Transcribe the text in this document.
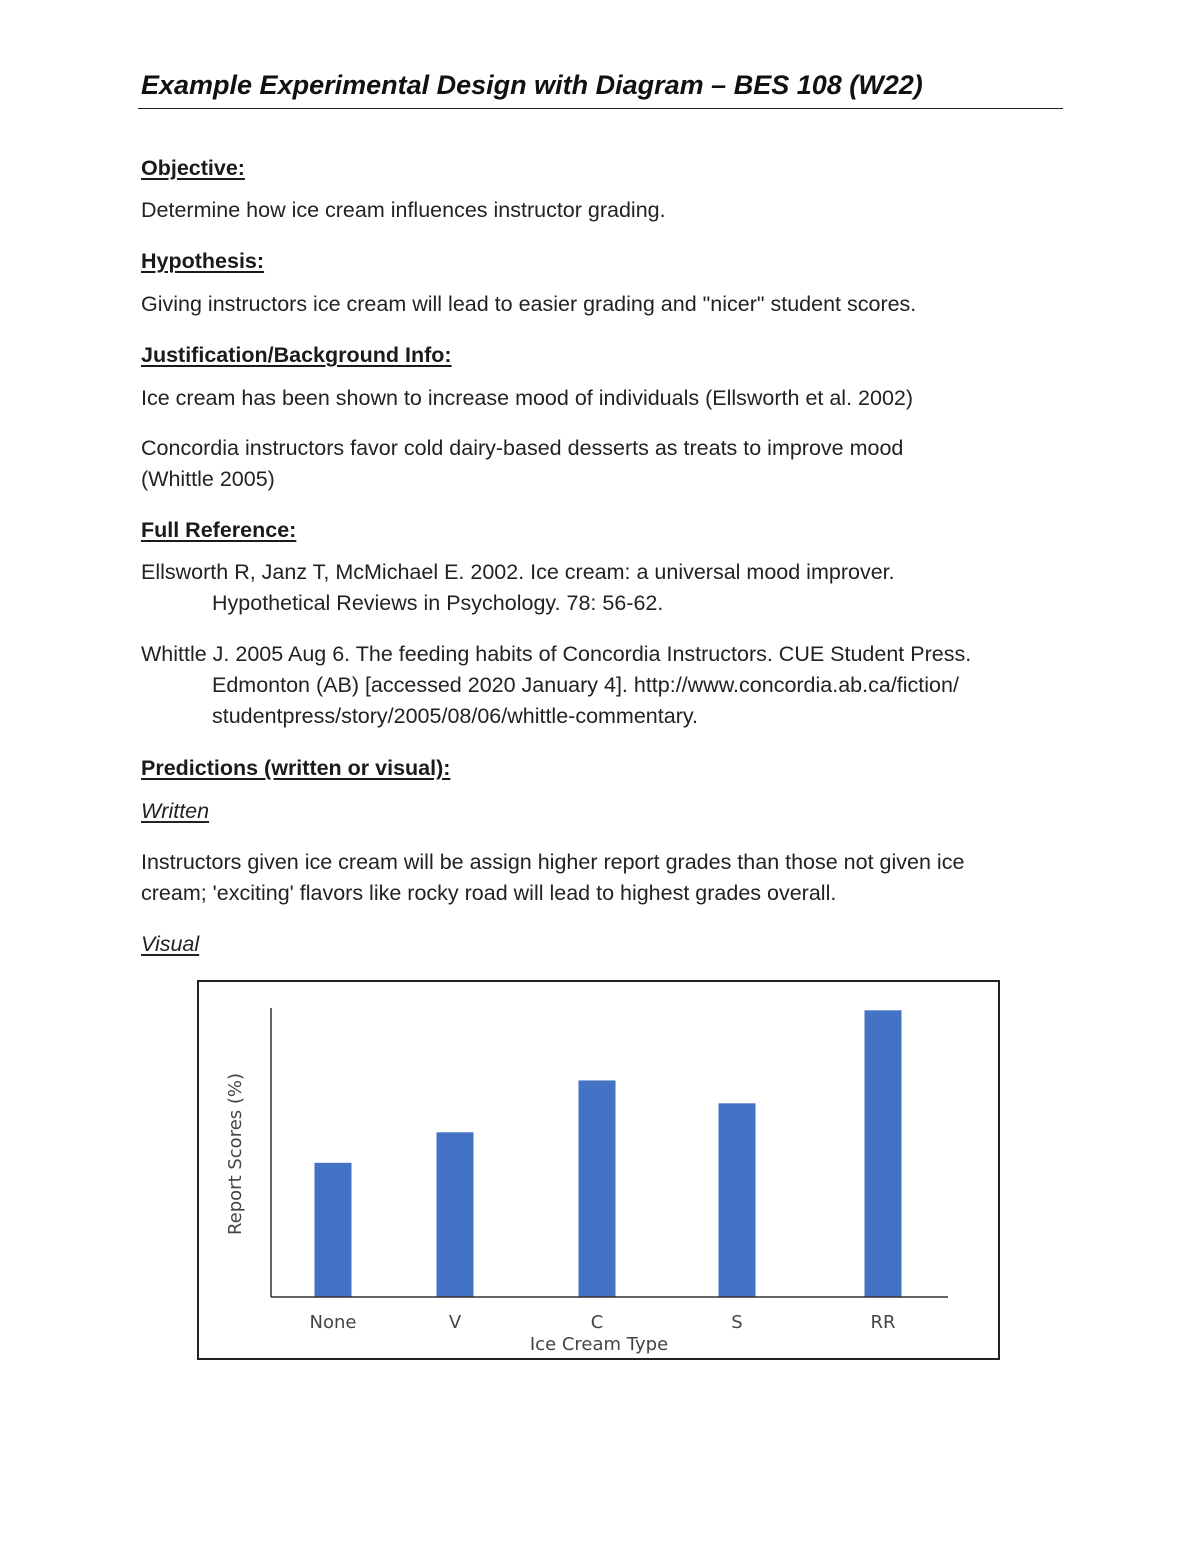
Example Experimental Design with Diagram – BES 108 (W22)
Objective:
Determine how ice cream influences instructor grading.
Hypothesis:
Giving instructors ice cream will lead to easier grading and "nicer" student scores.
Justification/Background Info:
Ice cream has been shown to increase mood of individuals (Ellsworth et al. 2002)
Concordia instructors favor cold dairy-based desserts as treats to improve mood
(Whittle 2005)
Full Reference:
Ellsworth R, Janz T, McMichael E. 2002. Ice cream: a universal mood improver.
Hypothetical Reviews in Psychology. 78: 56-62.
Whittle J. 2005 Aug 6. The feeding habits of Concordia Instructors. CUE Student Press.
Edmonton (AB) [accessed 2020 January 4]. http://www.concordia.ab.ca/fiction/
studentpress/story/2005/08/06/whittle-commentary.
Predictions (written or visual):
Written
Instructors given ice cream will be assign higher report grades than those not given ice
cream; 'exciting' flavors like rocky road will lead to highest grades overall.
Visual
None	V	C	S	RR
Ice Cream Type
Report Scores (%)
